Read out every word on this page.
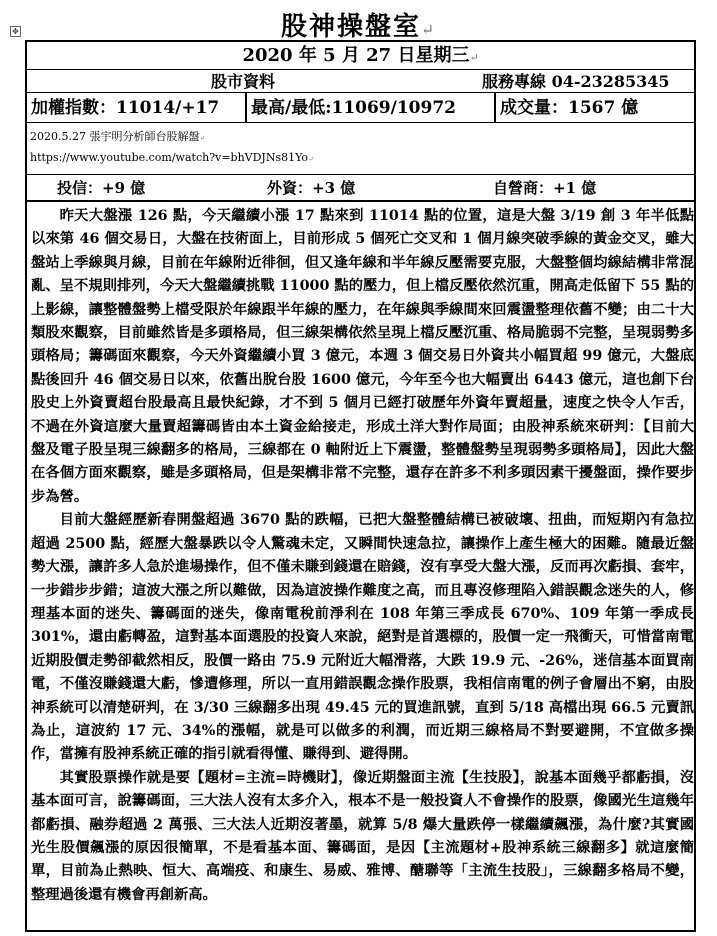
✥	股神操盤室↵
2020 年 5 月 27 日星期三↵
股市資料	服務專線 04-23285345
加權指數：11014/+17	最高/最低:11069/10972	成交量：1567 億
2020.5.27 張宇明分析師台股解盤↵
https://www.youtube.com/watch?v=bhVDJNs81Yo↵
投信：+9 億	外資：+3 億	自營商：+1 億

昨天大盤漲 126 點，今天繼續小漲 17 點來到 11014 點的位置，這是大盤 3/19 創 3 年半低點以來第 46 個交易日，大盤在技術面上，目前形成 5 個死亡交叉和 1 個月線突破季線的黃金交叉，雖大盤站上季線與月線，目前在年線附近徘徊，但又逢年線和半年線反壓需要克服，大盤整個均線結構非常混亂、呈不規則排列，今天大盤繼續挑戰 11000 點的壓力，但上檔反壓依然沉重，開高走低留下 55 點的上影線，讓整體盤勢上檔受限於年線跟半年線的壓力，在年線與季線間來回震盪整理依舊不變；由二十大類股來觀察，目前雖然皆是多頭格局，但三線架構依然呈現上檔反壓沉重、格局脆弱不完整，呈現弱勢多頭格局；籌碼面來觀察，今天外資繼續小買 3 億元，本週 3 個交易日外資共小幅買超 99 億元，大盤底點後回升 46 個交易日以來，依舊出脫台股 1600 億元，今年至今也大幅賣出 6443 億元，這也創下台股史上外資賣超台股最高且最快紀錄，才不到 5 個月已經打破歷年外資年賣超量，速度之快令人乍舌，不過在外資這麼大量賣超籌碼皆由本土資金給接走，形成土洋大對作局面；由股神系統來研判：【目前大盤及電子股呈現三線翻多的格局，三線都在 0 軸附近上下震盪，整體盤勢呈現弱勢多頭格局】，因此大盤在各個方面來觀察，雖是多頭格局，但是架構非常不完整，還存在許多不利多頭因素干擾盤面，操作要步步為營。

目前大盤經歷新春開盤超過 3670 點的跌幅，已把大盤整體結構已被破壞、扭曲，而短期內有急拉超過 2500 點，經歷大盤暴跌以令人驚魂未定，又瞬間快速急拉，讓操作上產生極大的困難。隨最近盤勢大漲，讓許多人急於進場操作，但不僅未賺到錢還在賠錢，沒有享受大盤大漲，反而再次虧損、套牢，一步錯步步錯；這波大漲之所以難做，因為這波操作難度之高，而且專沒修理陷入錯誤觀念迷失的人，修理基本面的迷失、籌碼面的迷失，像南電稅前淨利在 108 年第三季成長 670%、109 年第一季成長 301%，還由虧轉盈，這對基本面選股的投資人來說，絕對是首選標的，股價一定一飛衝天，可惜當南電近期股價走勢卻截然相反，股價一路由 75.9 元附近大幅滑落，大跌 19.9 元、-26%，迷信基本面買南電，不僅沒賺錢還大虧，慘遭修理，所以一直用錯誤觀念操作股票，我相信南電的例子會層出不窮，由股神系統可以清楚研判，在 3/30 三線翻多出現 49.45 元的買進訊號，直到 5/18 高檔出現 66.5 元賣訊為止，這波約 17 元、34%的漲幅，就是可以做多的利潤，而近期三線格局不對要避開，不宜做多操作，當擁有股神系統正確的指引就看得懂、賺得到、避得開。

其實股票操作就是要【題材=主流=時機財】，像近期盤面主流【生技股】，說基本面幾乎都虧損，沒基本面可言，說籌碼面，三大法人沒有太多介入，根本不是一般投資人不會操作的股票，像國光生這幾年都虧損、融券超過 2 萬張、三大法人近期沒著墨，就算 5/8 爆大量跌停一樣繼續飆漲，為什麼?其實國光生股價飆漲的原因很簡單，不是看基本面、籌碼面，是因【主流題材+股神系統三線翻多】就這麼簡單，目前為止熱映、恒大、高端疫、和康生、易威、雅博、醣聯等「主流生技股」，三線翻多格局不變，整理過後還有機會再創新高。
